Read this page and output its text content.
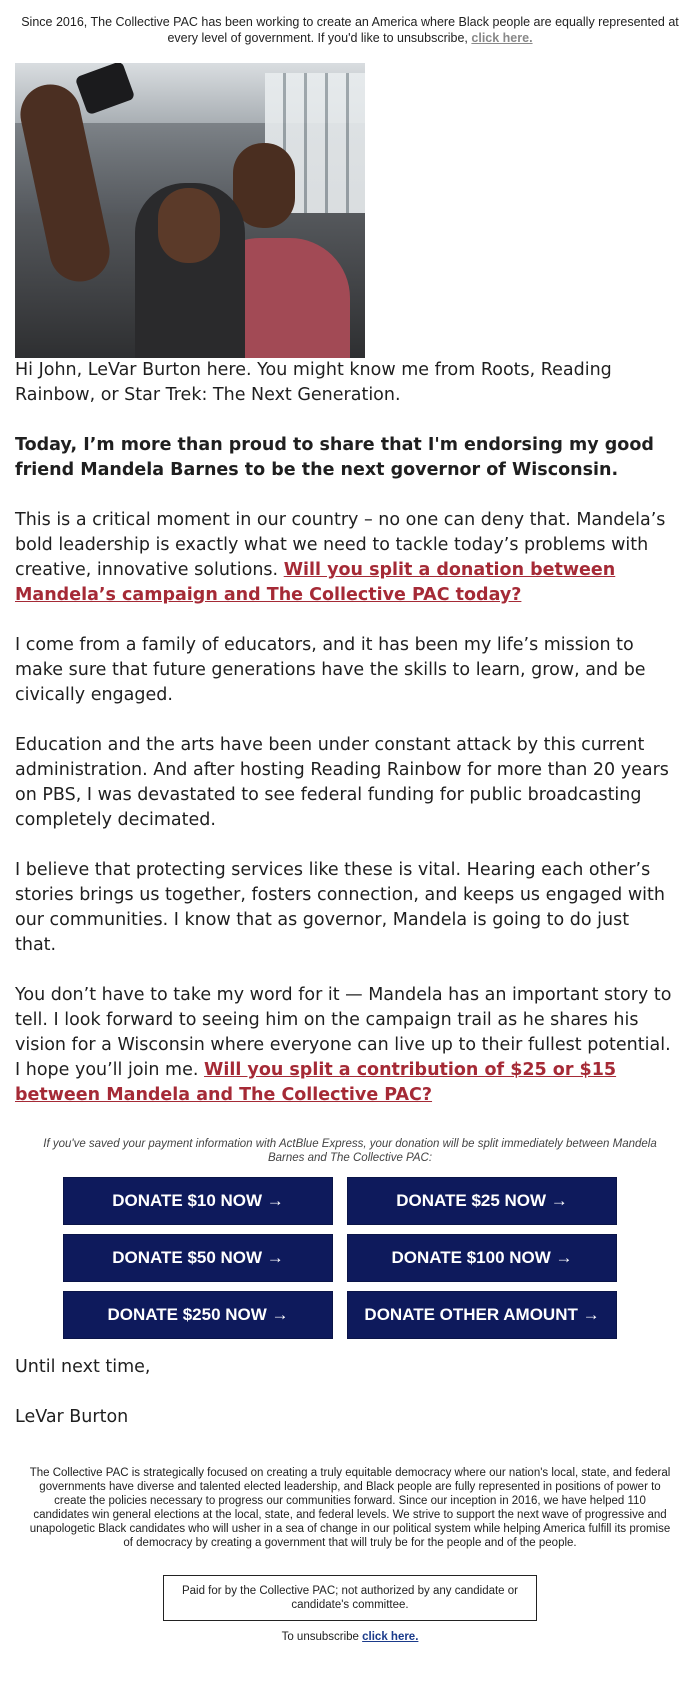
Since 2016, The Collective PAC has been working to create an America where Black people are equally represented at every level of government. If you'd like to unsubscribe, click here.

Hi John, LeVar Burton here. You might know me from Roots, Reading Rainbow, or Star Trek: The Next Generation.

Today, I’m more than proud to share that I'm endorsing my good friend Mandela Barnes to be the next governor of Wisconsin.

This is a critical moment in our country – no one can deny that. Mandela’s bold leadership is exactly what we need to tackle today’s problems with creative, innovative solutions. Will you split a donation between Mandela’s campaign and The Collective PAC today?

I come from a family of educators, and it has been my life’s mission to make sure that future generations have the skills to learn, grow, and be civically engaged.

Education and the arts have been under constant attack by this current administration. And after hosting Reading Rainbow for more than 20 years on PBS, I was devastated to see federal funding for public broadcasting completely decimated.

I believe that protecting services like these is vital. Hearing each other’s stories brings us together, fosters connection, and keeps us engaged with our communities. I know that as governor, Mandela is going to do just that.

You don’t have to take my word for it — Mandela has an important story to tell. I look forward to seeing him on the campaign trail as he shares his vision for a Wisconsin where everyone can live up to their fullest potential. I hope you’ll join me. Will you split a contribution of $25 or $15 between Mandela and The Collective PAC?

If you've saved your payment information with ActBlue Express, your donation will be split immediately between Mandela Barnes and The Collective PAC:
DONATE $10 NOW →	DONATE $25 NOW →
DONATE $50 NOW →	DONATE $100 NOW →
DONATE $250 NOW →	DONATE OTHER AMOUNT →

Until next time,

LeVar Burton

The Collective PAC is strategically focused on creating a truly equitable democracy where our nation's local, state, and federal governments have diverse and talented elected leadership, and Black people are fully represented in positions of power to create the policies necessary to progress our communities forward. Since our inception in 2016, we have helped 110 candidates win general elections at the local, state, and federal levels. We strive to support the next wave of progressive and unapologetic Black candidates who will usher in a sea of change in our political system while helping America fulfill its promise of democracy by creating a government that will truly be for the people and of the people.
Paid for by the Collective PAC; not authorized by any candidate or candidate's committee.
To unsubscribe click here.
